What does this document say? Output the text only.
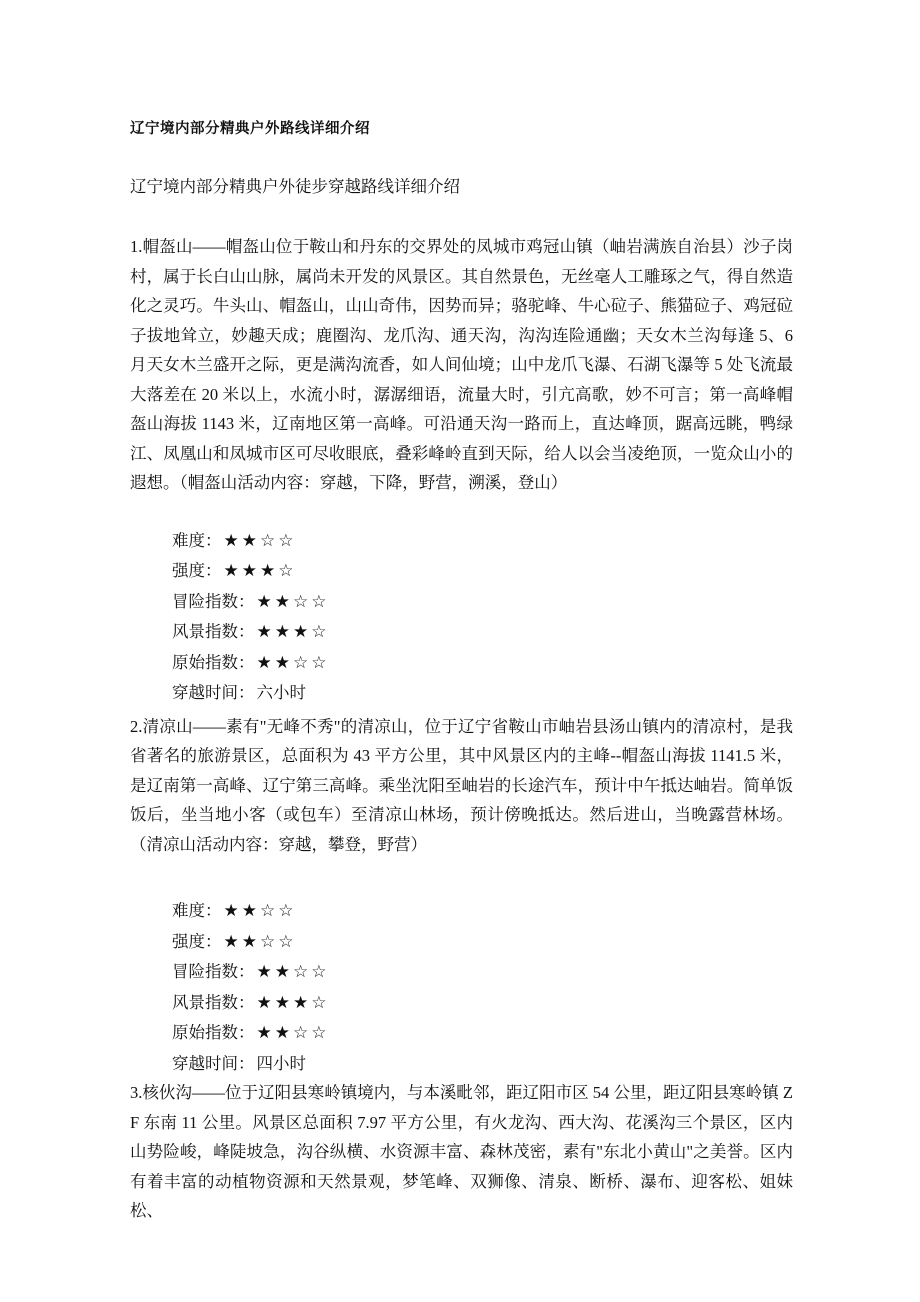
辽宁境内部分精典户外路线详细介绍
辽宁境内部分精典户外徒步穿越路线详细介绍

1.帽盔山——帽盔山位于鞍山和丹东的交界处的凤城市鸡冠山镇（岫岩满族自治县）沙子岗村，属于长白山山脉，属尚未开发的风景区。其自然景色，无丝毫人工雕琢之气，得自然造化之灵巧。牛头山、帽盔山，山山奇伟，因势而异；骆驼峰、牛心砬子、熊猫砬子、鸡冠砬子拔地耸立，妙趣天成；鹿圈沟、龙爪沟、通天沟，沟沟连险通幽；天女木兰沟每逢 5、6 月天女木兰盛开之际，更是满沟流香，如人间仙境；山中龙爪飞瀑、石湖飞瀑等 5 处飞流最大落差在 20 米以上，水流小时，潺潺细语，流量大时，引亢高歌，妙不可言；第一高峰帽盔山海拔 1143 米，辽南地区第一高峰。可沿通天沟一路而上，直达峰顶，踞高远眺，鸭绿江、凤凰山和凤城市区可尽收眼底，叠彩峰岭直到天际，给人以会当凌绝顶，一览众山小的遐想。（帽盔山活动内容：穿越，下降，野营，溯溪，登山）

难度： ★★☆☆
强度： ★★★☆
冒险指数： ★★☆☆
风景指数： ★★★☆
原始指数： ★★☆☆
穿越时间： 六小时

2.清凉山——素有"无峰不秀"的清凉山，位于辽宁省鞍山市岫岩县汤山镇内的清凉村，是我省著名的旅游景区，总面积为 43 平方公里，其中风景区内的主峰--帽盔山海拔 1141.5 米，是辽南第一高峰、辽宁第三高峰。乘坐沈阳至岫岩的长途汽车，预计中午抵达岫岩。简单饭饭后，坐当地小客（或包车）至清凉山林场，预计傍晚抵达。然后进山，当晚露营林场。（清凉山活动内容：穿越，攀登，野营）

难度： ★★☆☆
强度： ★★☆☆
冒险指数： ★★☆☆
风景指数： ★★★☆
原始指数： ★★☆☆
穿越时间： 四小时

3.核伙沟——位于辽阳县寒岭镇境内，与本溪毗邻，距辽阳市区 54 公里，距辽阳县寒岭镇 ZF 东南 11 公里。风景区总面积 7.97 平方公里，有火龙沟、西大沟、花溪沟三个景区，区内山势险峻，峰陡坡急，沟谷纵横、水资源丰富、森林茂密，素有"东北小黄山"之美誉。区内有着丰富的动植物资源和天然景观，梦笔峰、双狮像、清泉、断桥、瀑布、迎客松、姐妹松、
